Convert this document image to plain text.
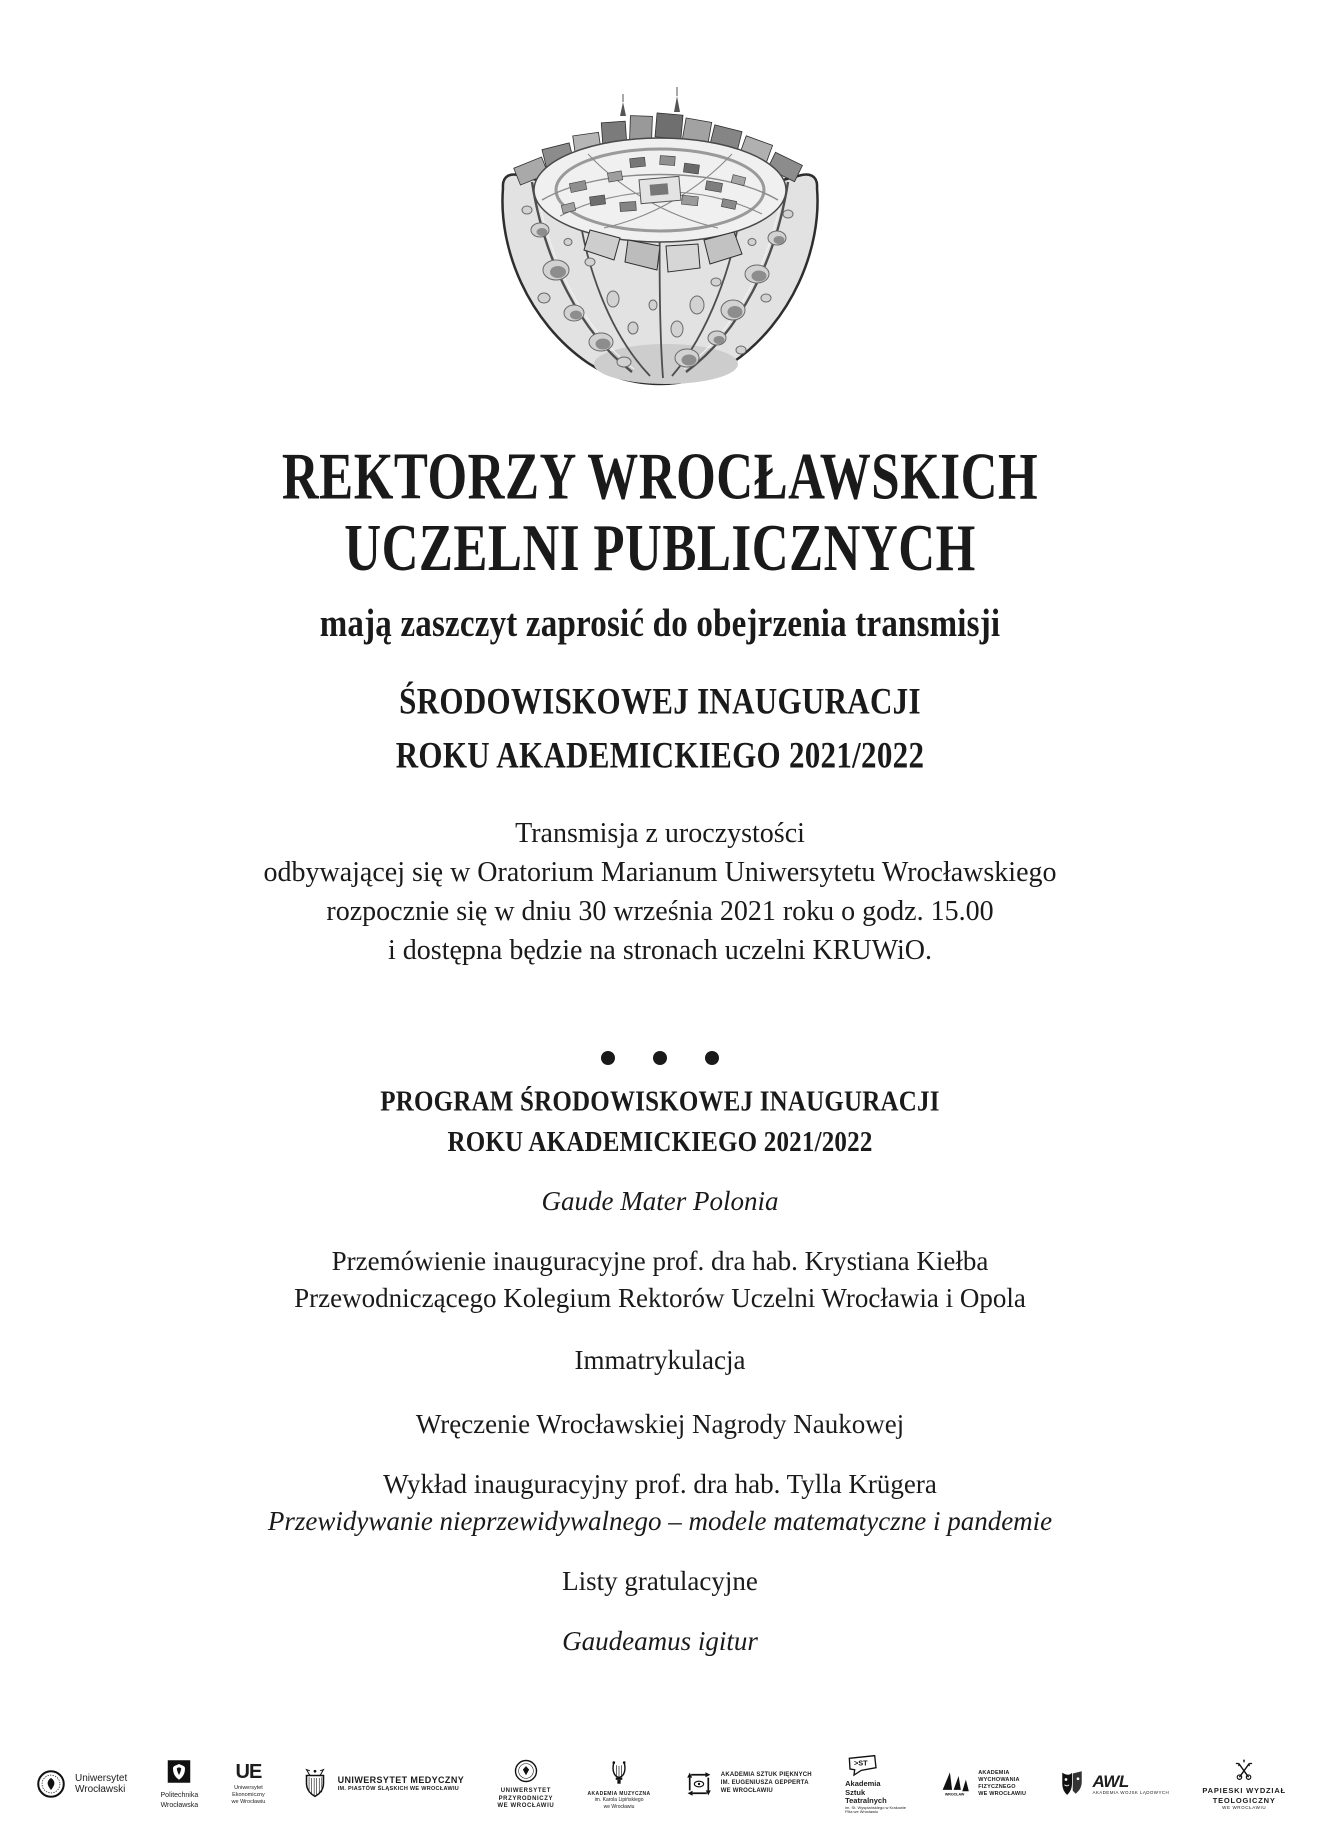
REKTORZY WROCŁAWSKICH
UCZELNI PUBLICZNYCH
mają zaszczyt zaprosić do obejrzenia transmisji
ŚRODOWISKOWEJ INAUGURACJI
ROKU AKADEMICKIEGO 2021/2022
Transmisja z uroczystości
odbywającej się w Oratorium Marianum Uniwersytetu Wrocławskiego
rozpocznie się w dniu 30 września 2021 roku o godz. 15.00
i dostępna będzie na stronach uczelni KRUWiO.

PROGRAM ŚRODOWISKOWEJ INAUGURACJI
ROKU AKADEMICKIEGO 2021/2022
Gaude Mater Polonia
Przemówienie inauguracyjne prof. dra hab. Krystiana Kiełba
Przewodniczącego Kolegium Rektorów Uczelni Wrocławia i Opola
Immatrykulacja
Wręczenie Wrocławskiej Nagrody Naukowej
Wykład inauguracyjny prof. dra hab. Tylla Krügera
Przewidywanie nieprzewidywalnego – modele matematyczne i pandemie
Listy gratulacyjne
Gaudeamus igitur
Uniwersytet
Wrocławski
Politechnika
Wrocławska
UE
Uniwersytet
Ekonomiczny
we Wrocławiu
UNIWERSYTET MEDYCZNY
IM. PIASTÓW ŚLĄSKICH WE WROCŁAWIU	UNIWERSYTET
PRZYRODNICZY
WE WROCŁAWIU
AKADEMIA MUZYCZNA
im. Karola Lipińskiego
we Wrocławiu
AKADEMIA SZTUK PIĘKNYCH
IM. EUGENIUSZA GEPPERTA
WE WROCŁAWIU
>ST
Akademia
Sztuk
Teatralnych
im. St. Wyspiańskiego w Krakowie
Filia we Wrocławiu
WROCŁAW
AKADEMIA
WYCHOWANIA
FIZYCZNEGO
WE WROCŁAWIU
AWL
AKADEMIA WOJSK LĄDOWYCH	PAPIESKI WYDZIAŁ
TEOLOGICZNY
WE WROCŁAWIU
